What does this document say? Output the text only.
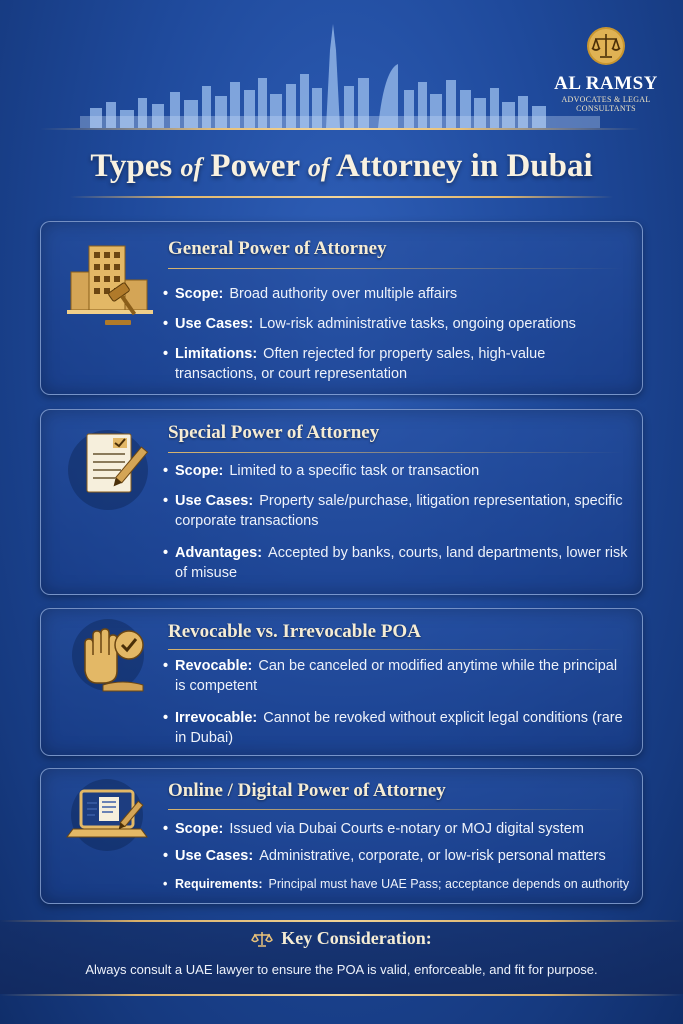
AL RAMSY
ADVOCATES & LEGAL CONSULTANTS
Types of Power of Attorney in Dubai
General Power of Attorney
• Scope: Broad authority over multiple affairs
• Use Cases: Low-risk administrative tasks, ongoing operations
• Limitations: Often rejected for property sales, high-value transactions, or court representation
Special Power of Attorney
• Scope: Limited to a specific task or transaction
• Use Cases: Property sale/purchase, litigation representation, specific corporate transactions
• Advantages: Accepted by banks, courts, land departments, lower risk of misuse
Revocable vs. Irrevocable POA
• Revocable: Can be canceled or modified anytime while the principal is competent
• Irrevocable: Cannot be revoked without explicit legal conditions (rare in Dubai)
Online / Digital Power of Attorney
• Scope: Issued via Dubai Courts e-notary or MOJ digital system
• Use Cases: Administrative, corporate, or low-risk personal matters
• Requirements: Principal must have UAE Pass; acceptance depends on authority
Key Consideration:
Always consult a UAE lawyer to ensure the POA is valid, enforceable, and fit for purpose.
